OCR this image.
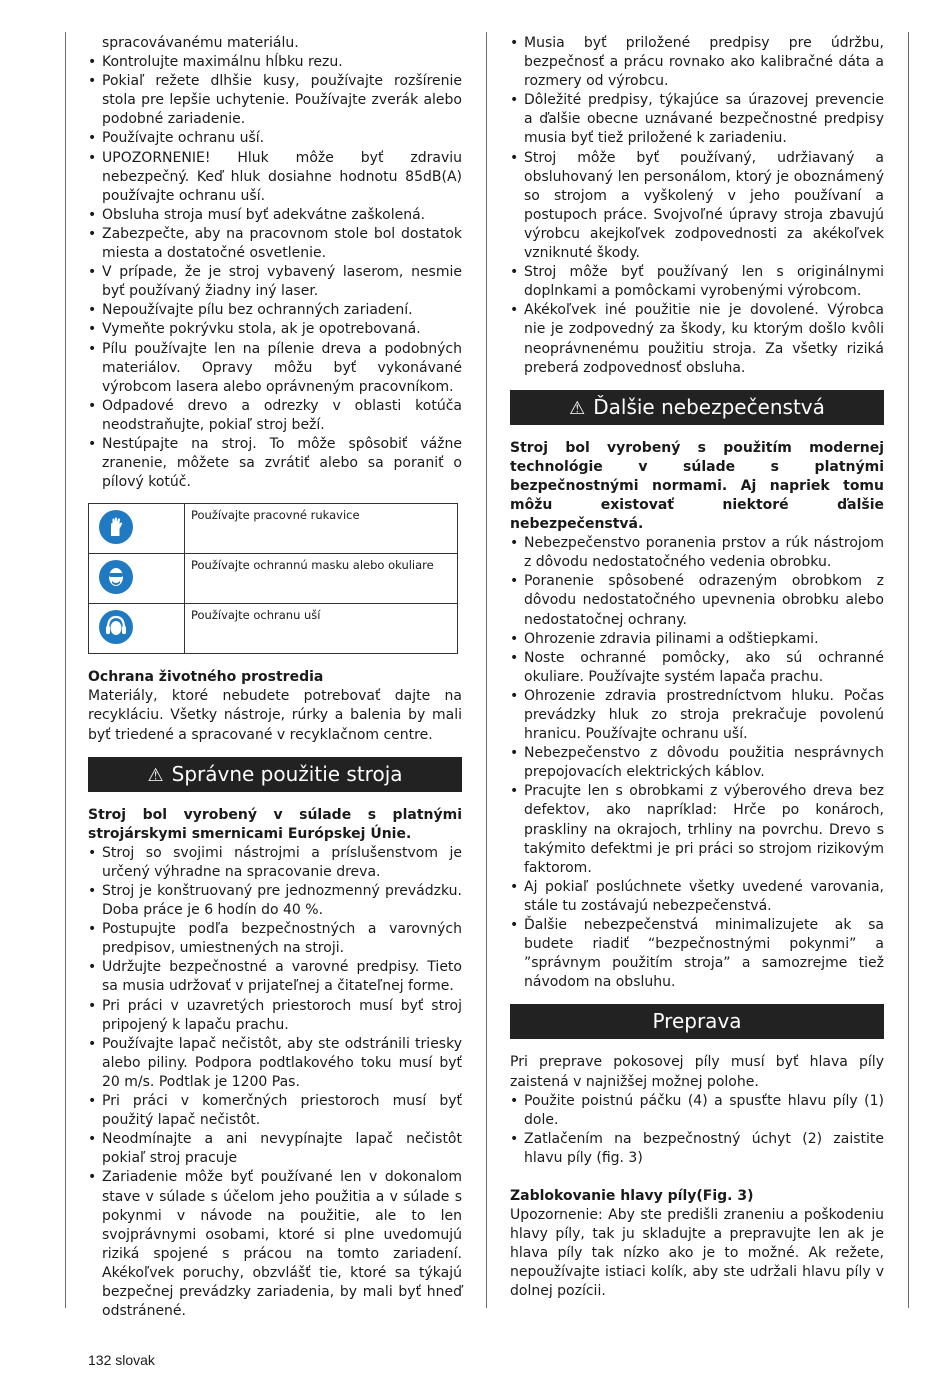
spracovávanému materiálu.
• Kontrolujte maximálnu hĺbku rezu.
• Pokiaľ režete dlhšie kusy, používajte rozšírenie stola pre lepšie uchytenie. Používajte zverák alebo podobné zariadenie.
• Používajte ochranu uší.
• UPOZORNENIE! Hluk môže byť zdraviu nebezpečný. Keď hluk dosiahne hodnotu 85dB(A) používajte ochranu uší.
• Obsluha stroja musí byť adekvátne zaškolená.
• Zabezpečte, aby na pracovnom stole bol dostatok miesta a dostatočné osvetlenie.
• V prípade, že je stroj vybavený laserom, nesmie byť používaný žiadny iný laser.
• Nepoužívajte pílu bez ochranných zariadení.
• Vymeňte pokrývku stola, ak je opotrebovaná.
• Pílu používajte len na pílenie dreva a podobných materiálov. Opravy môžu byť vykonávané výrobcom lasera alebo oprávneným pracovníkom.
• Odpadové drevo a odrezky v oblasti kotúča neodstraňujte, pokiaľ stroj beží.
• Nestúpajte na stroj. To môže spôsobiť vážne zranenie, môžete sa zvrátiť alebo sa poraniť o pílový kotúč.
	Používajte pracovné rukavice

	Používajte ochrannú masku alebo okuliare

	Používajte ochranu uší
Ochrana životného prostredia

Materiály, ktoré nebudete potrebovať dajte na recykláciu. Všetky nástroje, rúrky a balenia by mali byť triedené a spracované v recyklačnom centre.

⚠ Správne použitie stroja

Stroj bol vyrobený v súlade s platnými strojárskymi smernicami Európskej Únie.

• Stroj so svojimi nástrojmi a príslušenstvom je určený výhradne na spracovanie dreva.
• Stroj je konštruovaný pre jednozmenný prevádzku. Doba práce je 6 hodín do 40 %.
• Postupujte podľa bezpečnostných a varovných predpisov, umiestnených na stroji.
• Udržujte bezpečnostné a varovné predpisy. Tieto sa musia udržovať v prijateľnej a čitateľnej forme.
• Pri práci v uzavretých priestoroch musí byť stroj pripojený k lapaču prachu.
• Používajte lapač nečistôt, aby ste odstránili triesky alebo piliny. Podpora podtlakového toku musí byť 20 m/s. Podtlak je 1200 Pas.
• Pri práci v komerčných priestoroch musí byť použitý lapač nečistôt.
• Neodmínajte a ani nevypínajte lapač nečistôt pokiaľ stroj pracuje
• Zariadenie môže byť používané len v dokonalom stave v súlade s účelom jeho použitia a v súlade s pokynmi v návode na použitie, ale to len svojprávnymi osobami, ktoré si plne uvedomujú riziká spojené s prácou na tomto zariadení. Akékoľvek poruchy, obzvlášť tie, ktoré sa týkajú bezpečnej prevádzky zariadenia, by mali byť hneď odstránené.
• Musia byť priložené predpisy pre údržbu, bezpečnosť a prácu rovnako ako kalibračné dáta a rozmery od výrobcu.
• Dôležité predpisy, týkajúce sa úrazovej prevencie a ďalšie obecne uznávané bezpečnostné predpisy musia byť tiež priložené k zariadeniu.
• Stroj môže byť používaný, udržiavaný a obsluhovaný len personálom, ktorý je oboznámený so strojom a vyškolený v jeho používaní a postupoch práce. Svojvoľné úpravy stroja zbavujú výrobcu akejkoľvek zodpovednosti za akékoľvek vzniknuté škody.
• Stroj môže byť používaný len s originálnymi doplnkami a pomôckami vyrobenými výrobcom.
• Akékoľvek iné použitie nie je dovolené. Výrobca nie je zodpovedný za škody, ku ktorým došlo kvôli neoprávnenému použitiu stroja. Za všetky riziká preberá zodpovednosť obsluha.
⚠ Ďalšie nebezpečenstvá

Stroj bol vyrobený s použitím modernej technológie v súlade s platnými bezpečnostnými normami. Aj napriek tomu môžu existovať niektoré ďalšie nebezpečenstvá.

• Nebezpečenstvo poranenia prstov a rúk nástrojom z dôvodu nedostatočného vedenia obrobku.
• Poranenie spôsobené odrazeným obrobkom z dôvodu nedostatočného upevnenia obrobku alebo nedostatočnej ochrany.
• Ohrozenie zdravia pilinami a odštiepkami.
• Noste ochranné pomôcky, ako sú ochranné okuliare. Používajte systém lapača prachu.
• Ohrozenie zdravia prostredníctvom hluku. Počas prevádzky hluk zo stroja prekračuje povolenú hranicu. Používajte ochranu uší.
• Nebezpečenstvo z dôvodu použitia nesprávnych prepojovacích elektrických káblov.
• Pracujte len s obrobkami z výberového dreva bez defektov, ako napríklad: Hrče po konároch, praskliny na okrajoch, trhliny na povrchu. Drevo s takýmito defektmi je pri práci so strojom rizikovým faktorom.
• Aj pokiaľ poslúchnete všetky uvedené varovania, stále tu zostávajú nebezpečenstvá.
• Ďalšie nebezpečenstvá minimalizujete ak sa budete riadiť “bezpečnostnými pokynmi” a ”správnym použitím stroja” a samozrejme tiež návodom na obsluhu.
Preprava

Pri preprave pokosovej píly musí byť hlava píly zaistená v najnižšej možnej polohe.

• Použite poistnú páčku (4) a spusťte hlavu píly (1) dole.
• Zatlačením na bezpečnostný úchyt (2) zaistite hlavu píly (fig. 3)
Zablokovanie hlavy píly(Fig. 3)

Upozornenie: Aby ste predišli zraneniu a poškodeniu hlavy píly, tak ju skladujte a prepravujte len ak je hlava píly tak nízko ako je to možné. Ak režete, nepoužívajte istiaci kolík, aby ste udržali hlavu píly v dolnej pozícii.

132 slovak
